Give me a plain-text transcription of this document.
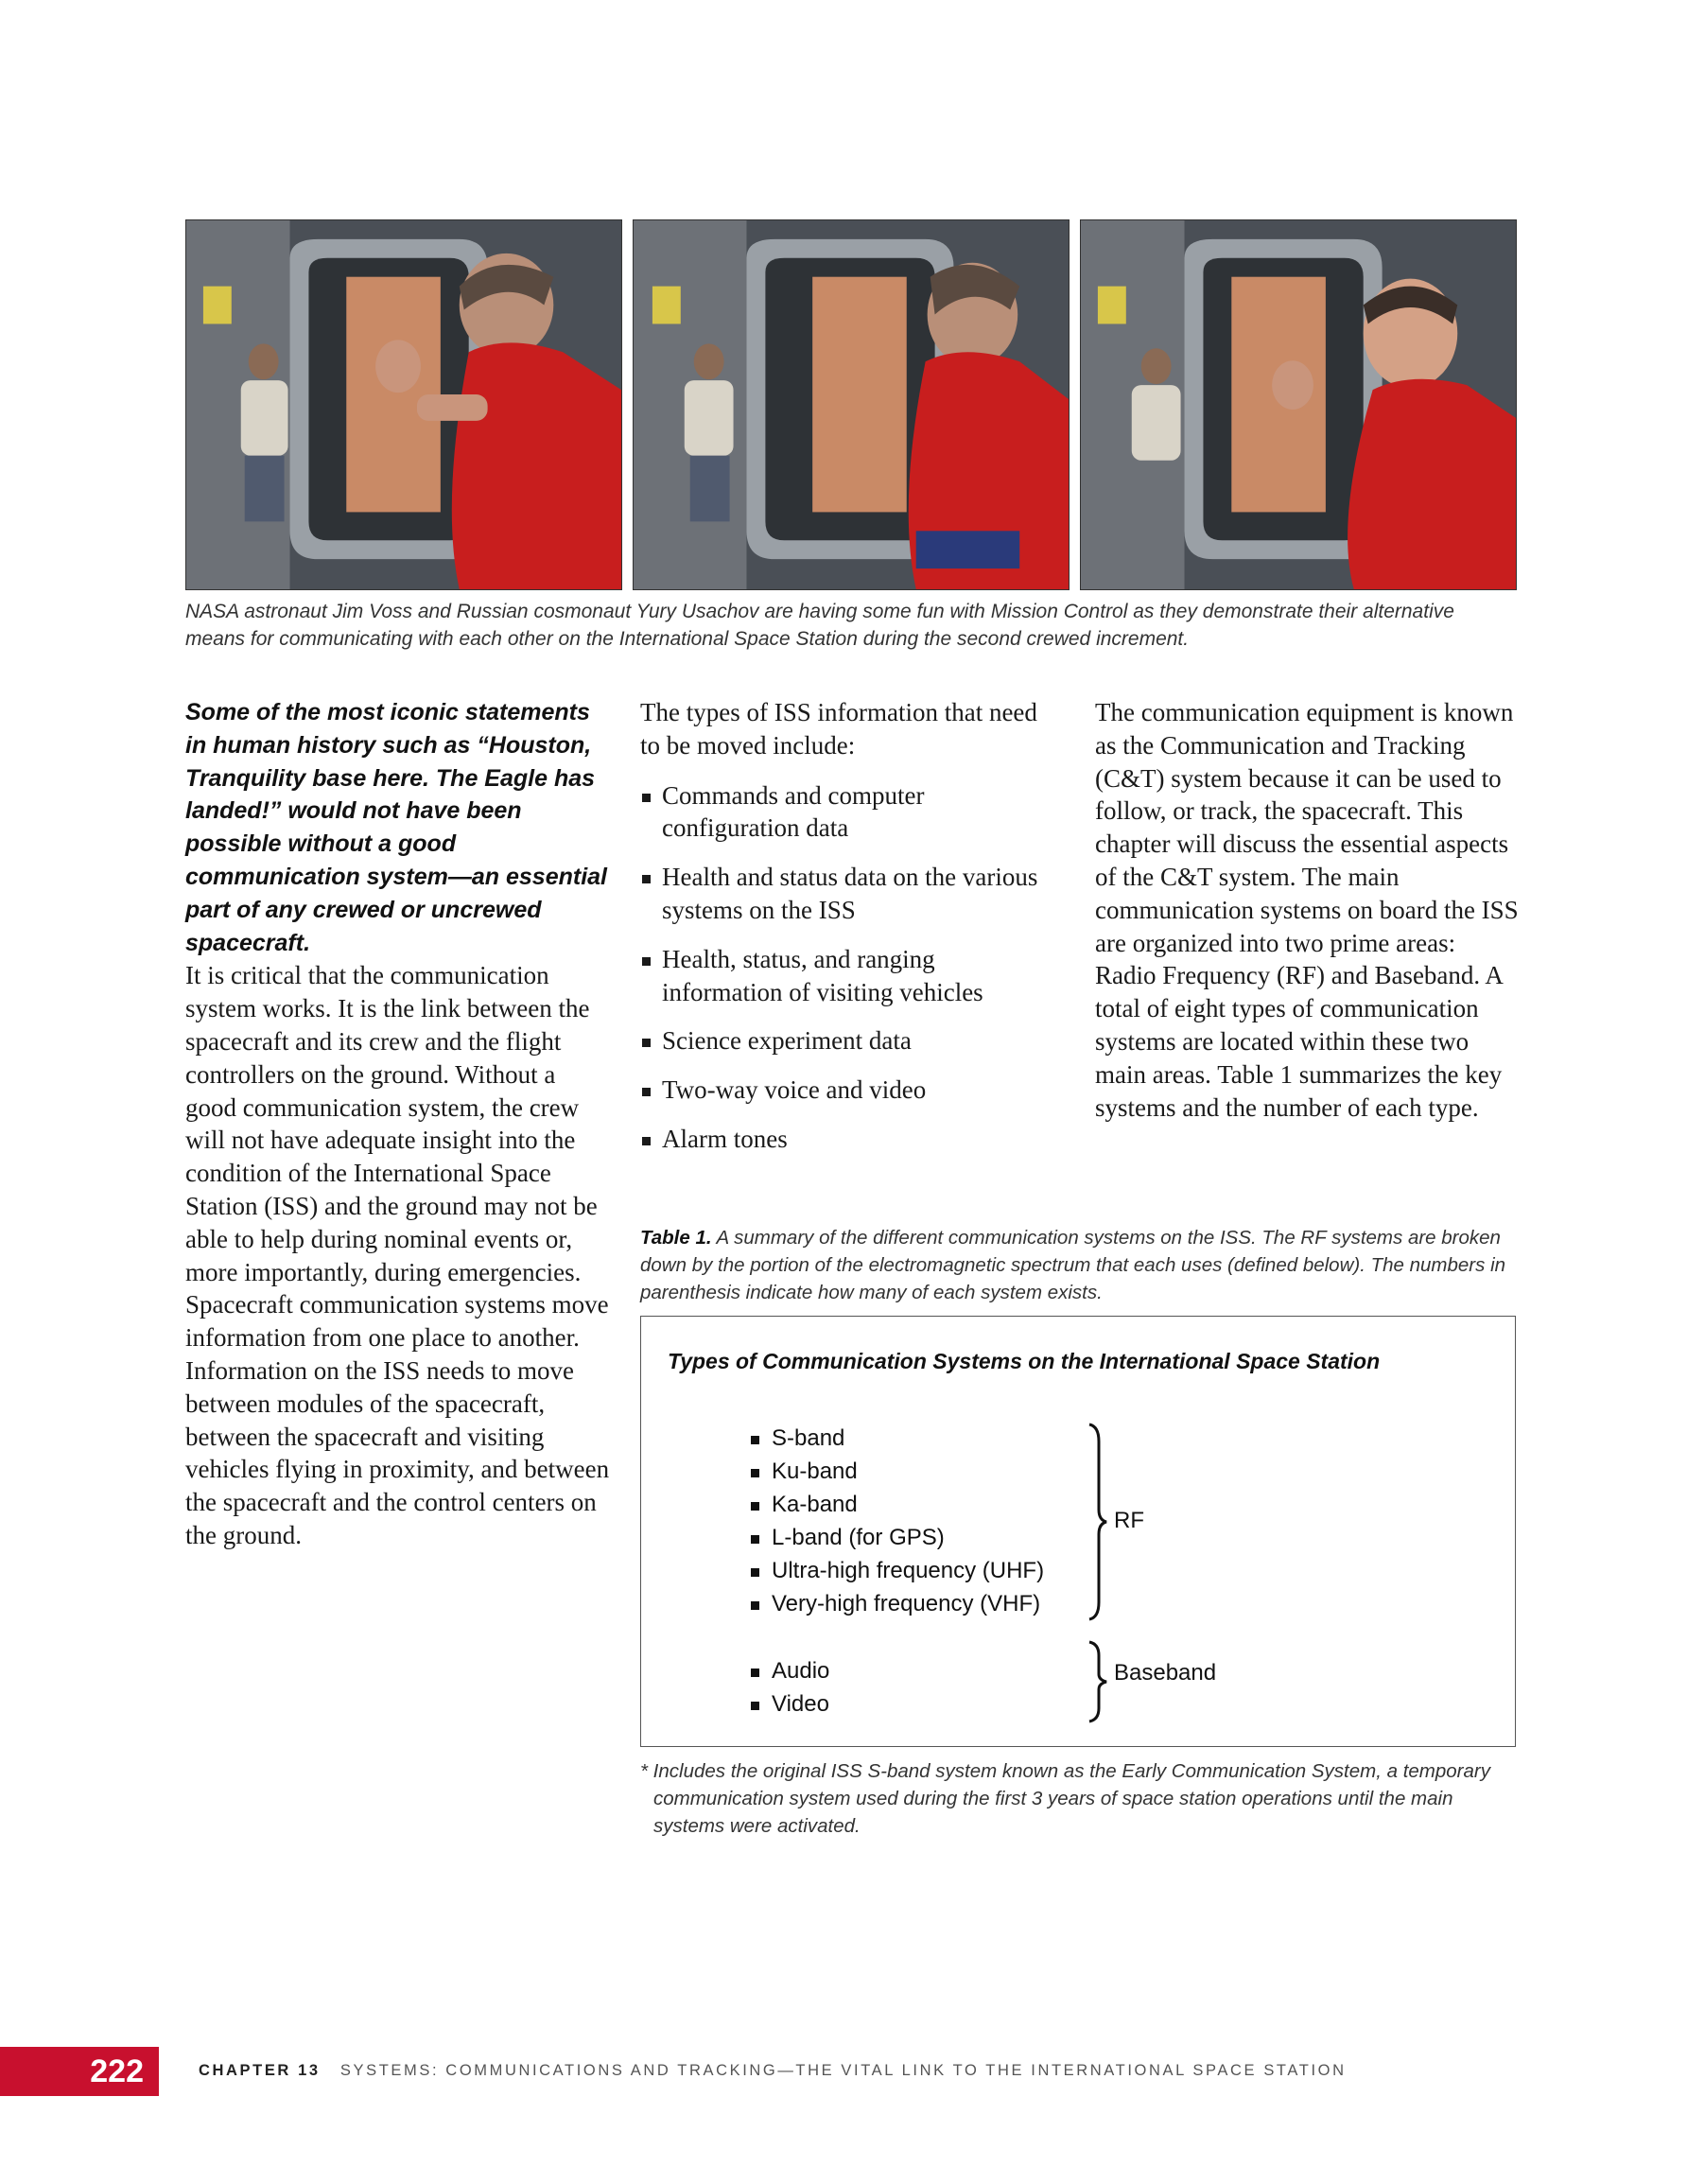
NASA astronaut Jim Voss and Russian cosmonaut Yury Usachov are having some fun with Mission Control as they demonstrate their alternative means for communicating with each other on the International Space Station during the second crewed increment.
Some of the most iconic statements in human history such as “Houston, Tranquility base here. The Eagle has landed!” would not have been possible without a good communication system—an essential part of any crewed or uncrewed spacecraft.

It is critical that the communication system works. It is the link between the spacecraft and its crew and the flight controllers on the ground. Without a good communication system, the crew will not have adequate insight into the condition of the International Space Station (ISS) and the ground may not be able to help during nominal events or, more importantly, during emergencies. Spacecraft communication systems move information from one place to another. Information on the ISS needs to move between modules of the spacecraft, between the spacecraft and visiting vehicles flying in proximity, and between the spacecraft and the control centers on the ground.

The types of ISS information that need to be moved include:

Commands and computer configuration data
Health and status data on the various systems on the ISS
Health, status, and ranging information of visiting vehicles
Science experiment data
Two-way voice and video
Alarm tones

The communication equipment is known as the Communication and Tracking (C&T) system because it can be used to follow, or track, the spacecraft. This chapter will discuss the essential aspects of the C&T system. The main communication systems on board the ISS are organized into two prime areas: Radio Frequency (RF) and Baseband. A total of eight types of communication systems are located within these two main areas. Table 1 summarizes the key systems and the number of each type.

Table 1. A summary of the different communication systems on the ISS. The RF systems are broken down by the portion of the electromagnetic spectrum that each uses (defined below). The numbers in parenthesis indicate how many of each system exists.
Types of Communication Systems on the International Space Station
S-band
Ku-band
Ka-band
L-band (for GPS)
Ultra-high frequency (UHF)
Very-high frequency (VHF)
RF
Audio
Video
Baseband
* Includes the original ISS S-band system known as the Early Communication System, a temporary communication system used during the first 3 years of space station operations until the main systems were activated.
222	CHAPTER 13 SYSTEMS: COMMUNICATIONS AND TRACKING—THE VITAL LINK TO THE INTERNATIONAL SPACE STATION
